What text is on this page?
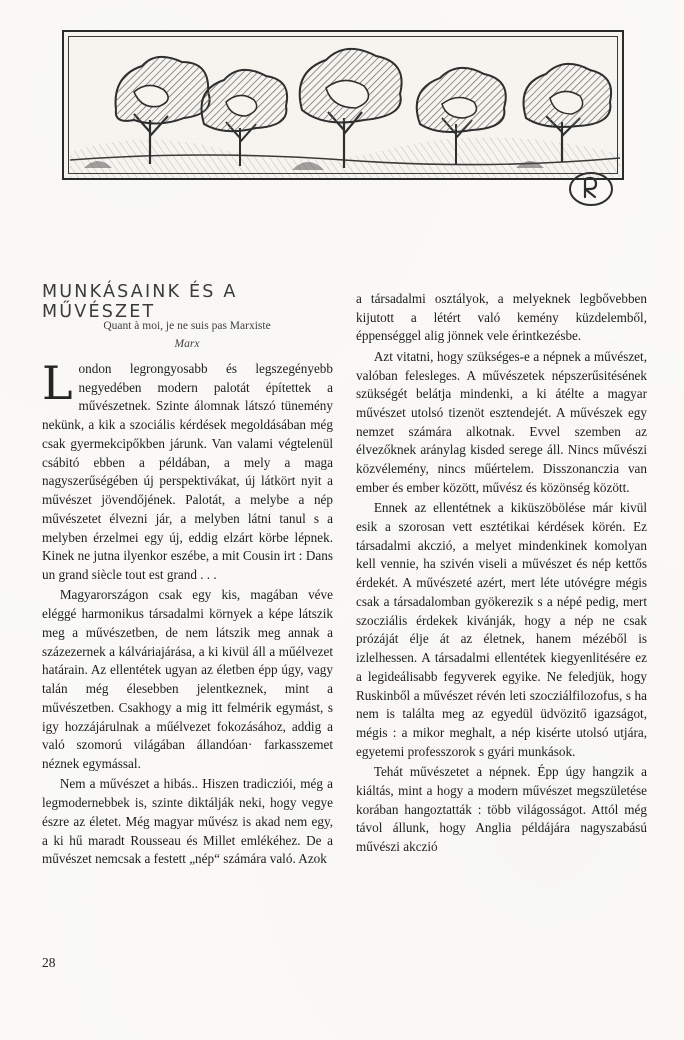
MUNKÁSAINK ÉS A MŰVÉSZET
Quant à moi, je ne suis pas Marxiste
Marx

London legrongyosabb és legszegényebb negyedében modern palotát építettek a művészetnek. Szinte álomnak látszó tünemény nekünk, a kik a szociális kérdések megoldásában még csak gyermekcipőkben járunk. Van valami végtelenül csábitó ebben a példában, a mely a maga nagyszerűségében új perspektivákat, új látkört nyit a művészet jövendőjének. Palotát, a melybe a nép művészetet élvezni jár, a melyben látni tanul s a melyben érzelmei egy új, eddig elzárt körbe lépnek. Kinek ne jutna ilyenkor eszébe, a mit Cousin irt : Dans un grand siècle tout est grand . . .

Magyarországon csak egy kis, magában véve eléggé harmonikus társadalmi környek a képe látszik meg a művészetben, de nem látszik meg annak a százezernek a kálváriajárása, a ki kivül áll a műélvezet határain. Az ellentétek ugyan az életben épp úgy, vagy talán még élesebben jelentkeznek, mint a művészetben. Csakhogy a mig itt felmérik egymást, s igy hozzájárulnak a műélvezet fokozásához, addig a való szomorú világában állandóan· farkasszemet néznek egymással.

Nem a művészet a hibás.. Hiszen tradicziói, még a legmodernebbek is, szinte diktálják neki, hogy vegye észre az életet. Még magyar művész is akad nem egy, a ki hű maradt Rousseau és Millet emlékéhez. De a művészet nemcsak a festett „nép“ számára való. Azok

a társadalmi osztályok, a melyeknek legbővebben kijutott a létért való kemény küzdelemből, éppenséggel alig jönnek vele érintkezésbe.

Azt vitatni, hogy szükséges-e a népnek a művészet, valóban felesleges. A művészetek népszerűsitésének szükségét belátja mindenki, a ki átélte a magyar művészet utolsó tizenöt esztendejét. A művészek egy nemzet számára alkotnak. Evvel szemben az élvezőknek aránylag kisded serege áll. Nincs művészi közvélemény, nincs műértelem. Disszonanczia van ember és ember között, művész és közönség között.

Ennek az ellentétnek a kiküszöbölése már kivül esik a szorosan vett esztétikai kérdések körén. Ez társadalmi akczió, a melyet mindenkinek komolyan kell vennie, ha szivén viseli a művészet és nép kettős érdekét. A művészeté azért, mert léte utóvégre mégis csak a társadalomban gyökerezik s a népé pedig, mert szocziális érdekek kivánják, hogy a nép ne csak prózáját élje át az életnek, hanem mézéből is izlelhessen. A társadalmi ellentétek kiegyenlitésére ez a legideálisabb fegyverek egyike. Ne feledjük, hogy Ruskinből a művészet révén leti szocziálfilozofus, s ha nem is találta meg az egyedül üdvözitő igazságot, mégis : a mikor meghalt, a nép kisérte utolsó utjára, egyetemi professzorok s gyári munkások.

Tehát művészetet a népnek. Épp úgy hangzik a kiáltás, mint a hogy a modern művészet megszületése korában hangoztatták : több világosságot. Attól még távol állunk, hogy Anglia példájára nagyszabású művészi akczió

28
